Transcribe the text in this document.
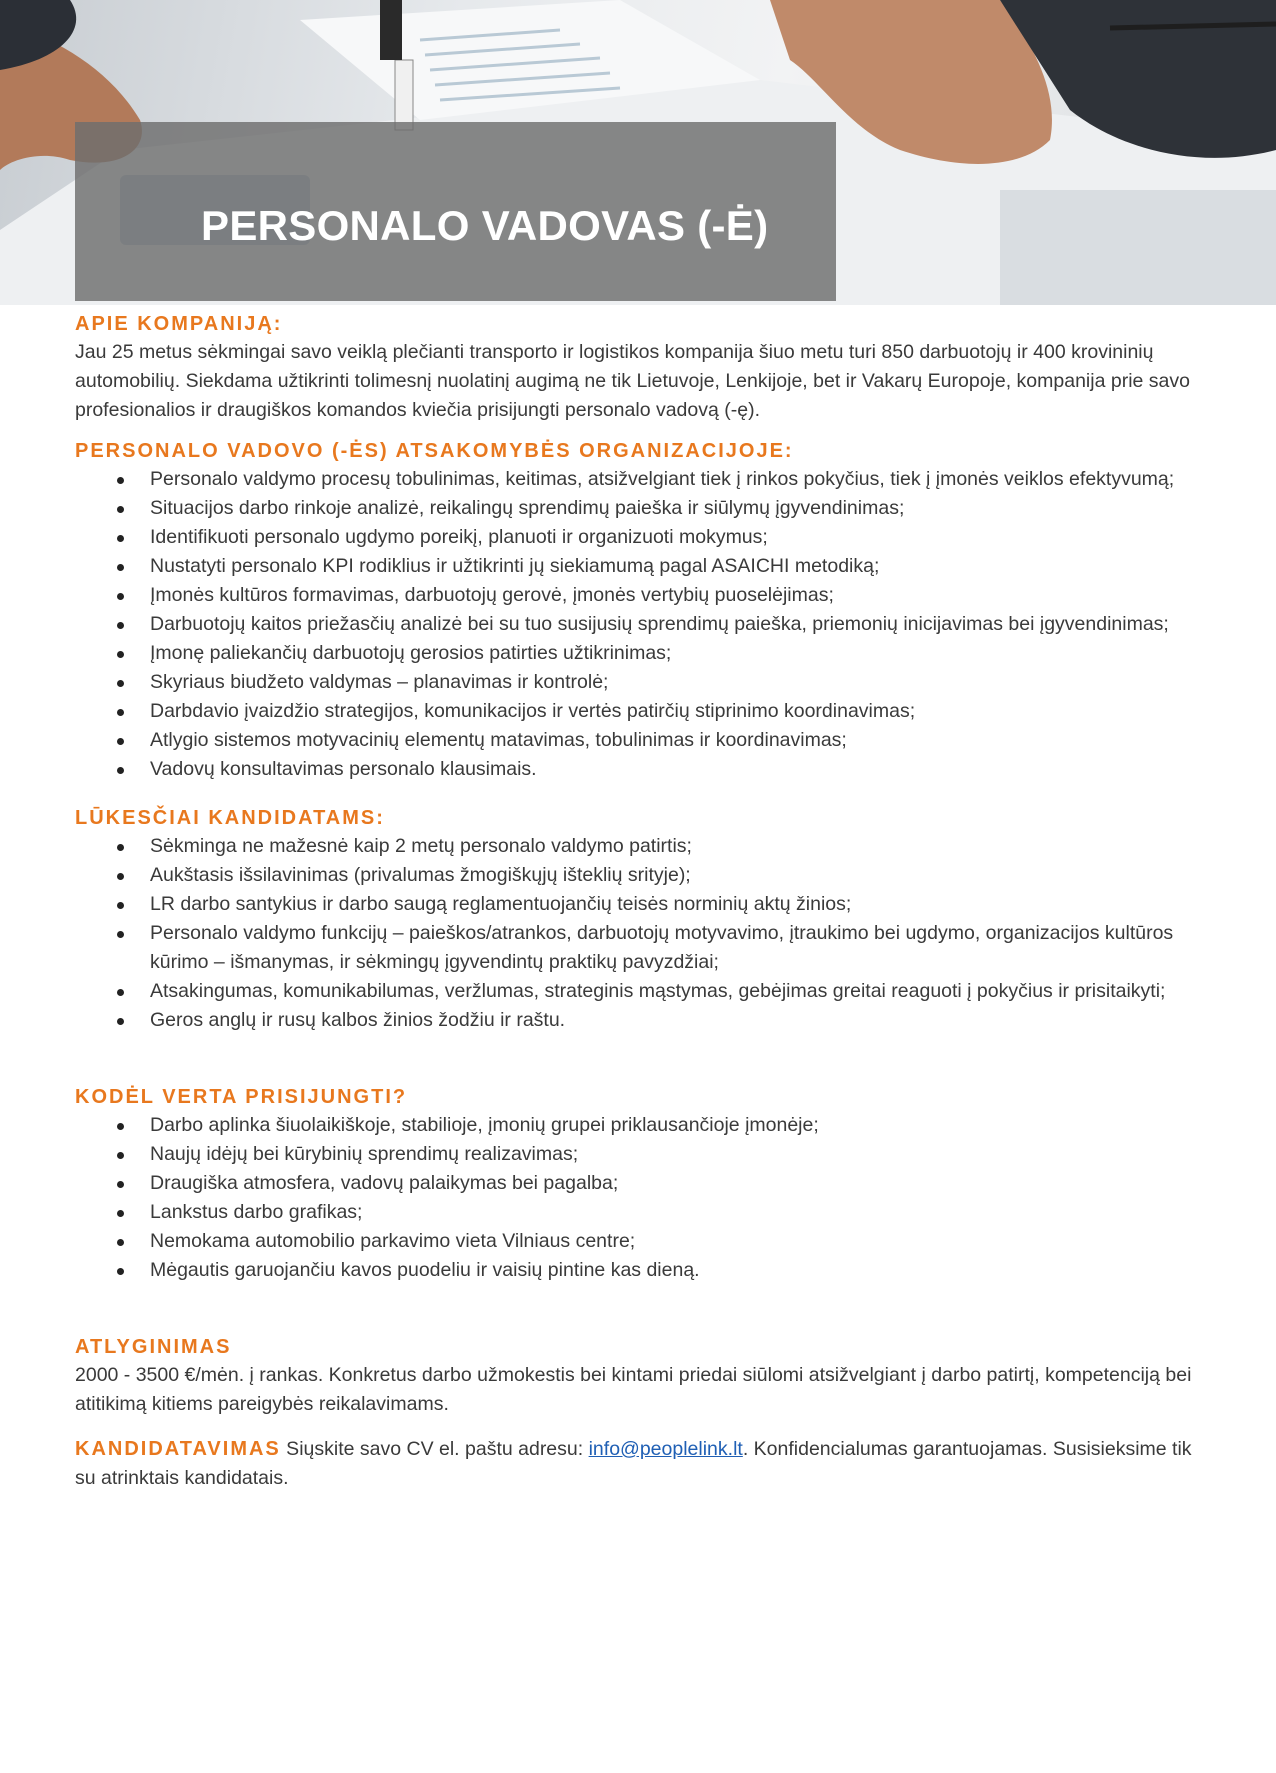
PERSONALO VADOVAS (-Ė)
APIE KOMPANIJĄ:

Jau 25 metus sėkmingai savo veiklą plečianti transporto ir logistikos kompanija šiuo metu turi 850 darbuotojų ir 400 krovininių automobilių. Siekdama užtikrinti tolimesnį nuolatinį augimą ne tik Lietuvoje, Lenkijoje, bet ir Vakarų Europoje, kompanija prie savo profesionalios ir draugiškos komandos kviečia prisijungti personalo vadovą (-ę).

PERSONALO VADOVO (-ĖS) ATSAKOMYBĖS ORGANIZACIJOJE:
Personalo valdymo procesų tobulinimas, keitimas, atsižvelgiant tiek į rinkos pokyčius, tiek į įmonės veiklos efektyvumą;
Situacijos darbo rinkoje analizė, reikalingų sprendimų paieška ir siūlymų įgyvendinimas;
Identifikuoti personalo ugdymo poreikį, planuoti ir organizuoti mokymus;
Nustatyti personalo KPI rodiklius ir užtikrinti jų siekiamumą pagal ASAICHI metodiką;
Įmonės kultūros formavimas, darbuotojų gerovė, įmonės vertybių puoselėjimas;
Darbuotojų kaitos priežasčių analizė bei su tuo susijusių sprendimų paieška, priemonių inicijavimas bei įgyvendinimas;
Įmonę paliekančių darbuotojų gerosios patirties užtikrinimas;
Skyriaus biudžeto valdymas – planavimas ir kontrolė;
Darbdavio įvaizdžio strategijos, komunikacijos ir vertės patirčių stiprinimo koordinavimas;
Atlygio sistemos motyvacinių elementų matavimas, tobulinimas ir koordinavimas;
Vadovų konsultavimas personalo klausimais.
LŪKESČIAI KANDIDATAMS:
Sėkminga ne mažesnė kaip 2 metų personalo valdymo patirtis;
Aukštasis išsilavinimas (privalumas žmogiškųjų išteklių srityje);
LR darbo santykius ir darbo saugą reglamentuojančių teisės norminių aktų žinios;
Personalo valdymo funkcijų – paieškos/atrankos, darbuotojų motyvavimo, įtraukimo bei ugdymo, organizacijos kultūros kūrimo – išmanymas, ir sėkmingų įgyvendintų praktikų pavyzdžiai;
Atsakingumas, komunikabilumas, veržlumas, strateginis mąstymas, gebėjimas greitai reaguoti į pokyčius ir prisitaikyti;
Geros anglų ir rusų kalbos žinios žodžiu ir raštu.
KODĖL VERTA PRISIJUNGTI?
Darbo aplinka šiuolaikiškoje, stabilioje, įmonių grupei priklausančioje įmonėje;
Naujų idėjų bei kūrybinių sprendimų realizavimas;
Draugiška atmosfera, vadovų palaikymas bei pagalba;
Lankstus darbo grafikas;
Nemokama automobilio parkavimo vieta Vilniaus centre;
Mėgautis garuojančiu kavos puodeliu ir vaisių pintine kas dieną.
ATLYGINIMAS

2000 - 3500 €/mėn. į rankas. Konkretus darbo užmokestis bei kintami priedai siūlomi atsižvelgiant į darbo patirtį, kompetenciją bei atitikimą kitiems pareigybės reikalavimams.

KANDIDATAVIMAS Siųskite savo CV el. paštu adresu: info@peoplelink.lt. Konfidencialumas garantuojamas. Susisieksime tik su atrinktais kandidatais.
